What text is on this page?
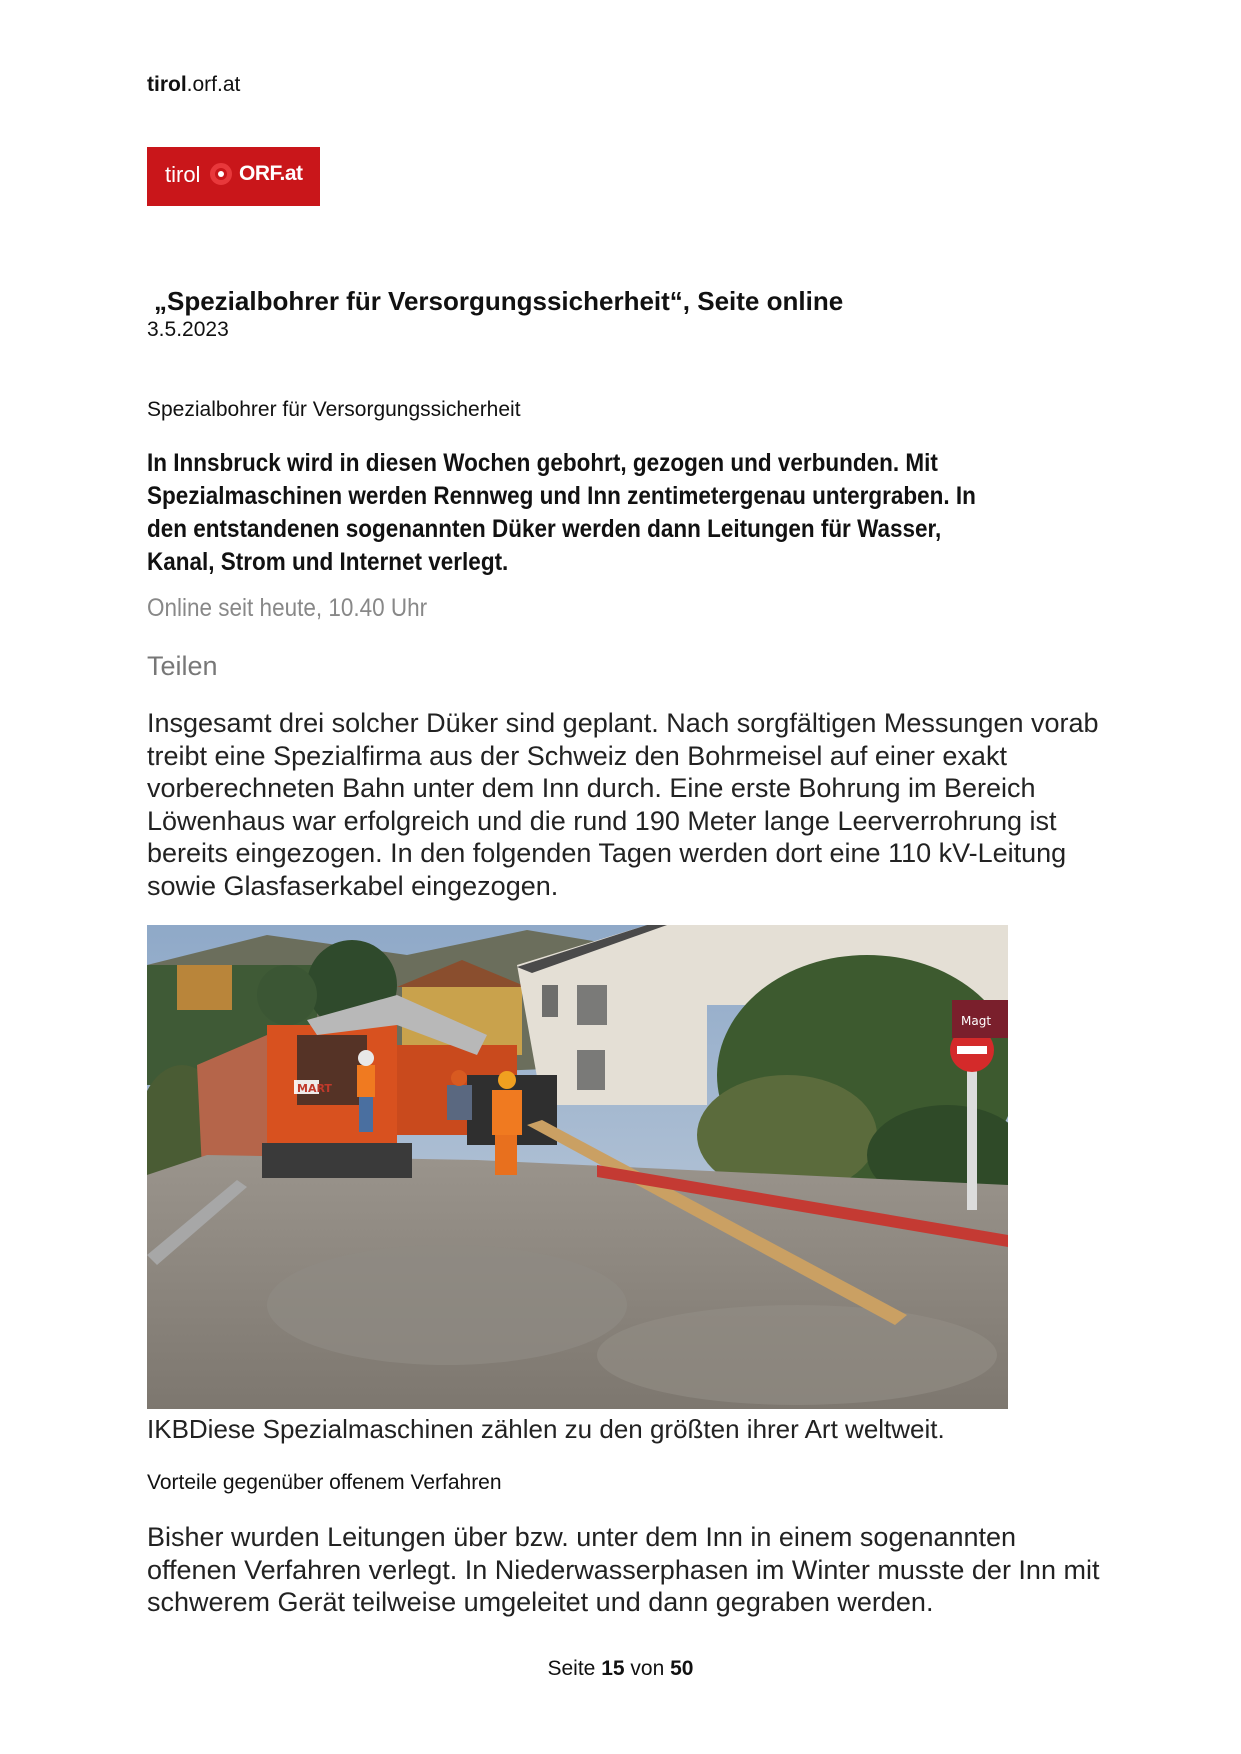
tirol.orf.at
tirol ORF.at
„Spezialbohrer für Versorgungssicherheit“, Seite online
3.5.2023
Spezialbohrer für Versorgungssicherheit
In Innsbruck wird in diesen Wochen gebohrt, gezogen und verbunden. Mit Spezialmaschinen werden Rennweg und Inn zentimetergenau untergraben. In den entstandenen sogenannten Düker werden dann Leitungen für Wasser, Kanal, Strom und Internet verlegt.
Online seit heute, 10.40 Uhr
Teilen
Insgesamt drei solcher Düker sind geplant. Nach sorgfältigen Messungen vorab treibt eine Spezialfirma aus der Schweiz den Bohrmeisel auf einer exakt vorberechneten Bahn unter dem Inn durch. Eine erste Bohrung im Bereich Löwenhaus war erfolgreich und die rund 190 Meter lange Leerverrohrung ist bereits eingezogen. In den folgenden Tagen werden dort eine 110 kV-Leitung sowie Glasfaserkabel eingezogen.
MART
Magt
IKBDiese Spezialmaschinen zählen zu den größten ihrer Art weltweit.
Vorteile gegenüber offenem Verfahren
Bisher wurden Leitungen über bzw. unter dem Inn in einem sogenannten offenen Verfahren verlegt. In Niederwasserphasen im Winter musste der Inn mit schwerem Gerät teilweise umgeleitet und dann gegraben werden.
Seite 15 von 50
